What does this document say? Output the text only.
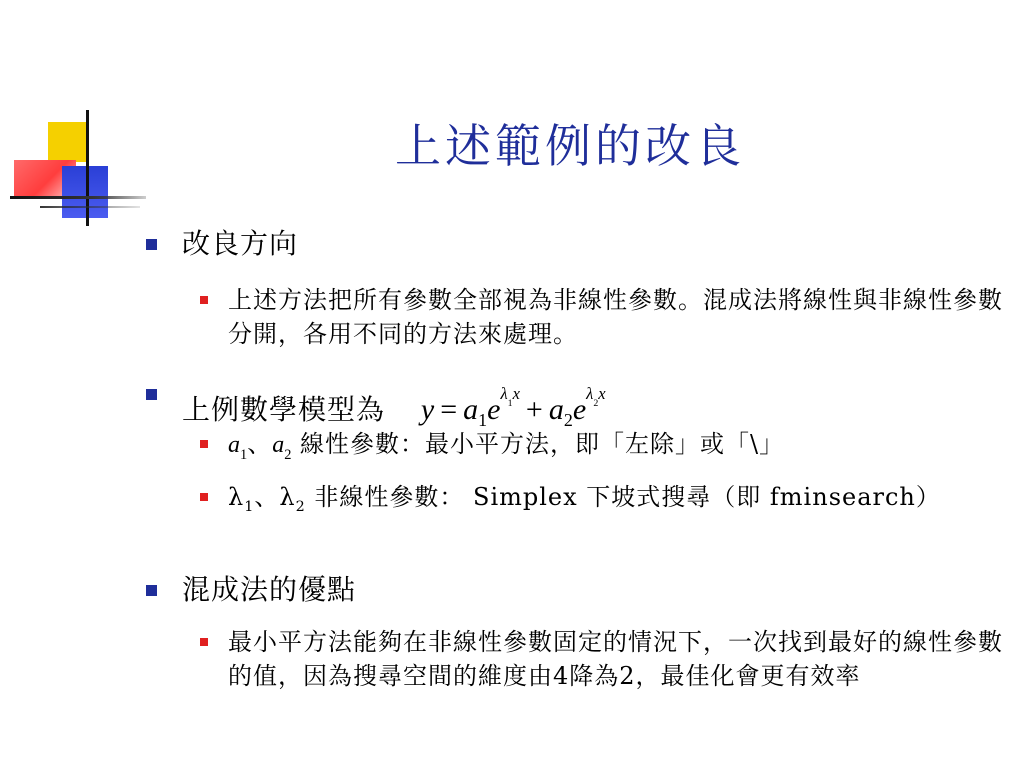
上述範例的改良
改良方向
上述方法把所有參數全部視為非線性參數。混成法將線性與非線性參數分開，各用不同的方法來處理。
上例數學模型為 $y = a_1e^{\lambda_1x} + a_2e^{\lambda_2x}$
$a_1$、$a_2$ 線性參數：最小平方法，即「左除」或「\」
$\lambda_1$、$\lambda_2$ 非線性參數： Simplex 下坡式搜尋（即 fminsearch）
混成法的優點
最小平方法能夠在非線性參數固定的情況下，一次找到最好的線性參數的值，因為搜尋空間的維度由4降為2，最佳化會更有效率
